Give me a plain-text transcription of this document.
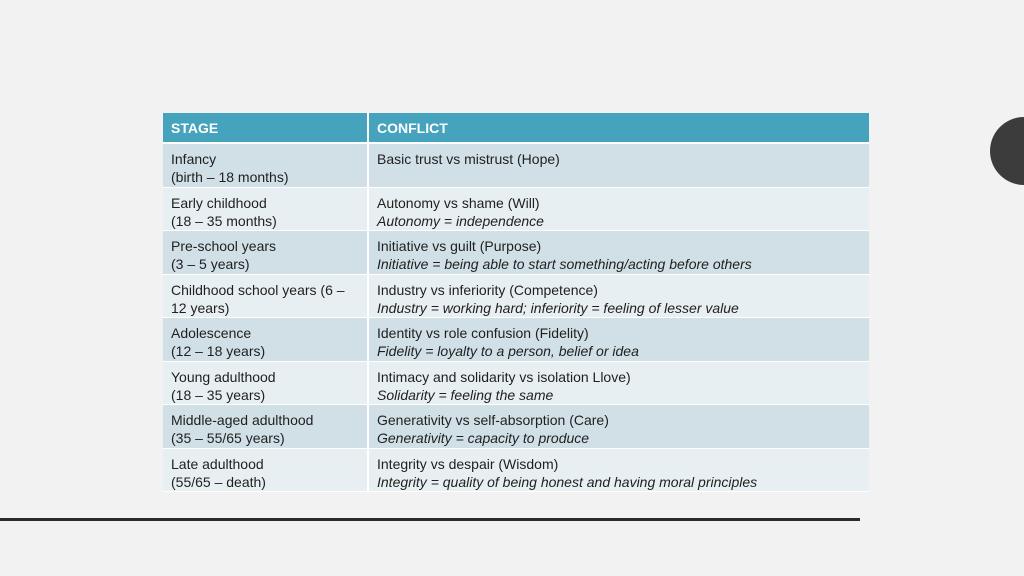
STAGE	CONFLICT

Infancy
(birth – 18 months)	Basic trust vs mistrust (Hope)

Early childhood
(18 – 35 months)	Autonomy vs shame (Will)
Autonomy = independence

Pre-school years
(3 – 5 years)	Initiative vs guilt (Purpose)
Initiative = being able to start something/acting before others

Childhood school years (6 – 12 years)	Industry vs inferiority (Competence)
Industry = working hard; inferiority = feeling of lesser value

Adolescence
(12 – 18 years)	Identity vs role confusion (Fidelity)
Fidelity = loyalty to a person, belief or idea

Young adulthood
(18 – 35 years)	Intimacy and solidarity vs isolation Llove)
Solidarity = feeling the same

Middle-aged adulthood
(35 – 55/65 years)	Generativity vs self-absorption (Care)
Generativity = capacity to produce

Late adulthood
(55/65 – death)	Integrity vs despair (Wisdom)
Integrity = quality of being honest and having moral principles
